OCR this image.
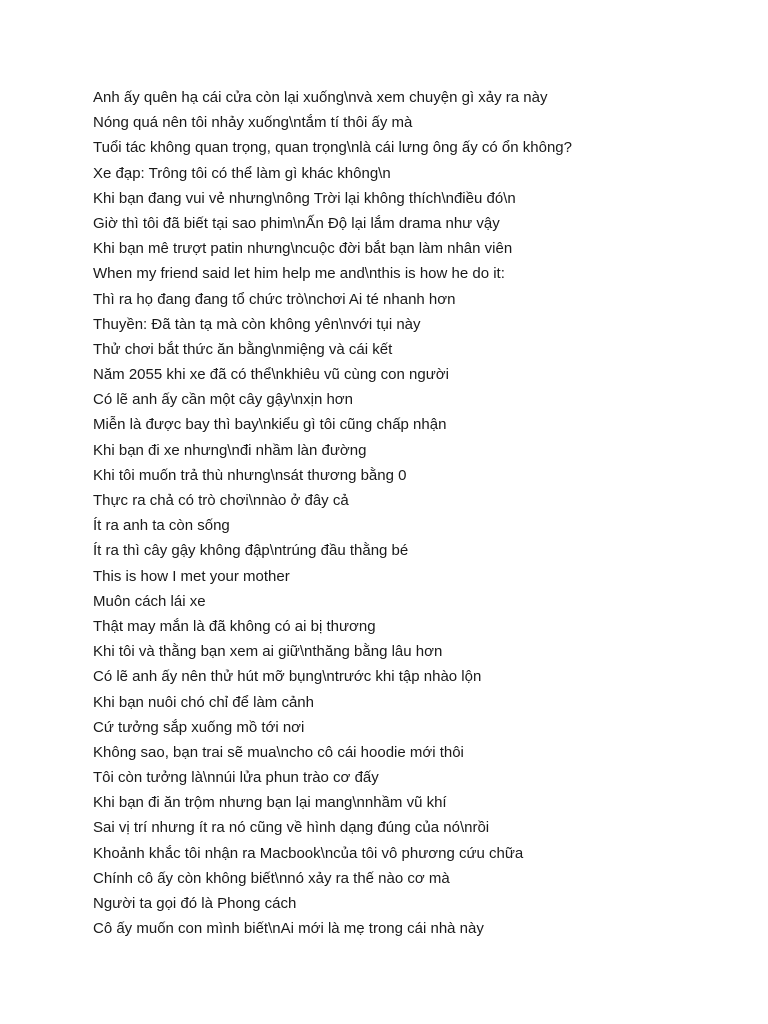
Anh ấy quên hạ cái cửa còn lại xuống\nvà xem chuyện gì xảy ra này
Nóng quá nên tôi nhảy xuống\ntắm tí thôi ấy mà
Tuổi tác không quan trọng, quan trọng\nlà cái lưng ông ấy có ổn không?
Xe đạp: Trông tôi có thể làm gì khác không\n
Khi bạn đang vui vẻ nhưng\nông Trời lại không thích\nđiều đó\n
Giờ thì tôi đã biết tại sao phim\nẤn Độ lại lắm drama như vậy
Khi bạn mê trượt patin nhưng\ncuộc đời bắt bạn làm nhân viên
When my friend said let him help me and\nthis is how he do it:
Thì ra họ đang đang tổ chức trò\nchơi Ai té nhanh hơn
Thuyền: Đã tàn tạ mà còn không yên\nvới tụi này
Thử chơi bắt thức ăn bằng\nmiệng và cái kết
Năm 2055 khi xe đã có thể\nkhiêu vũ cùng con người
Có lẽ anh ấy cần một cây gậy\nxịn hơn
Miễn là được bay thì bay\nkiểu gì tôi cũng chấp nhận
Khi bạn đi xe nhưng\nđi nhầm làn đường
Khi tôi muốn trả thù nhưng\nsát thương bằng 0
Thực ra chả có trò chơi\nnào ở đây cả
Ít ra anh ta còn sống
Ít ra thì cây gậy không đập\ntrúng đầu thằng bé
This is how I met your mother
Muôn cách lái xe
Thật may mắn là đã không có ai bị thương
Khi tôi và thằng bạn xem ai giữ\nthăng bằng lâu hơn
Có lẽ anh ấy nên thử hút mỡ bụng\ntrước khi tập nhào lộn
Khi bạn nuôi chó chỉ để làm cảnh
Cứ tưởng sắp xuống mồ tới nơi
Không sao, bạn trai sẽ mua\ncho cô cái hoodie mới thôi
Tôi còn tưởng là\nnúi lửa phun trào cơ đấy
Khi bạn đi ăn trộm nhưng bạn lại mang\nnhầm vũ khí
Sai vị trí nhưng ít ra nó cũng về hình dạng đúng của nó\nrồi
Khoảnh khắc tôi nhận ra Macbook\ncủa tôi vô phương cứu chữa
Chính cô ấy còn không biết\nnó xảy ra thế nào cơ mà
Người ta gọi đó là Phong cách
Cô ấy muốn con mình biết\nAi mới là mẹ trong cái nhà này
